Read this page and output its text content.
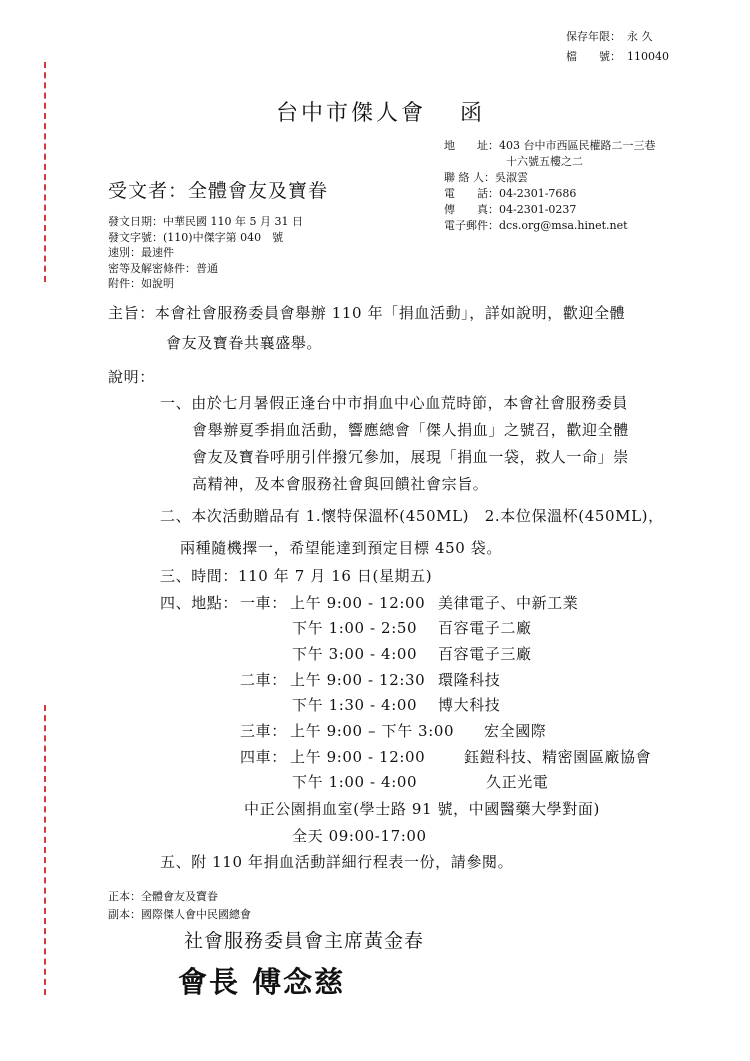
保存年限： 永 久
檔　　號： 110040
台中市傑人會 函
地　　址：403 台中市西區民權路二一三巷
十六號五樓之二
聯 絡 人：吳淑雲
電　　話：04-2301-7686
傳　　真：04-2301-0237
電子郵件：dcs.org@msa.hinet.net
受文者：全體會友及寶眷
發文日期：中華民國 110 年 5 月 31 日
發文字號：(110)中傑字第 040　號
速別：最速件
密等及解密條件：普通
附件：如說明
主旨：本會社會服務委員會舉辦 110 年「捐血活動」，詳如說明，歡迎全體
會友及寶眷共襄盛舉。
說明：
一、由於七月暑假正逢台中市捐血中心血荒時節，本會社會服務委員
會舉辦夏季捐血活動，響應總會「傑人捐血」之號召，歡迎全體
會友及寶眷呼朋引伴撥冗參加，展現「捐血一袋，救人一命」崇
高精神，及本會服務社會與回饋社會宗旨。
二、本次活動贈品有 1.懷特保溫杯(450ML)　2.本位保溫杯(450ML)，
兩種隨機擇一，希望能達到預定目標 450 袋。
三、時間：110 年 7 月 16 日(星期五)
四、地點： 一車： 上午 9:00 - 12:00 美律電子、中新工業
下午 1:00 - 2:50 百容電子二廠
下午 3:00 - 4:00 百容電子三廠
二車： 上午 9:00 - 12:30 環隆科技
下午 1:30 - 4:00 博大科技
三車： 上午 9:00 – 下午 3:00 宏全國際
四車： 上午 9:00 - 12:00	鈺鎧科技、精密園區廠協會
下午 1:00 - 4:00	久正光電
中正公園捐血室(學士路 91 號，中國醫藥大學對面)
全天 09:00-17:00
五、附 110 年捐血活動詳細行程表一份，請參閱。
正本：全體會友及寶眷
副本：國際傑人會中民國總會
社會服務委員會主席黃金春
會長 傅念慈
